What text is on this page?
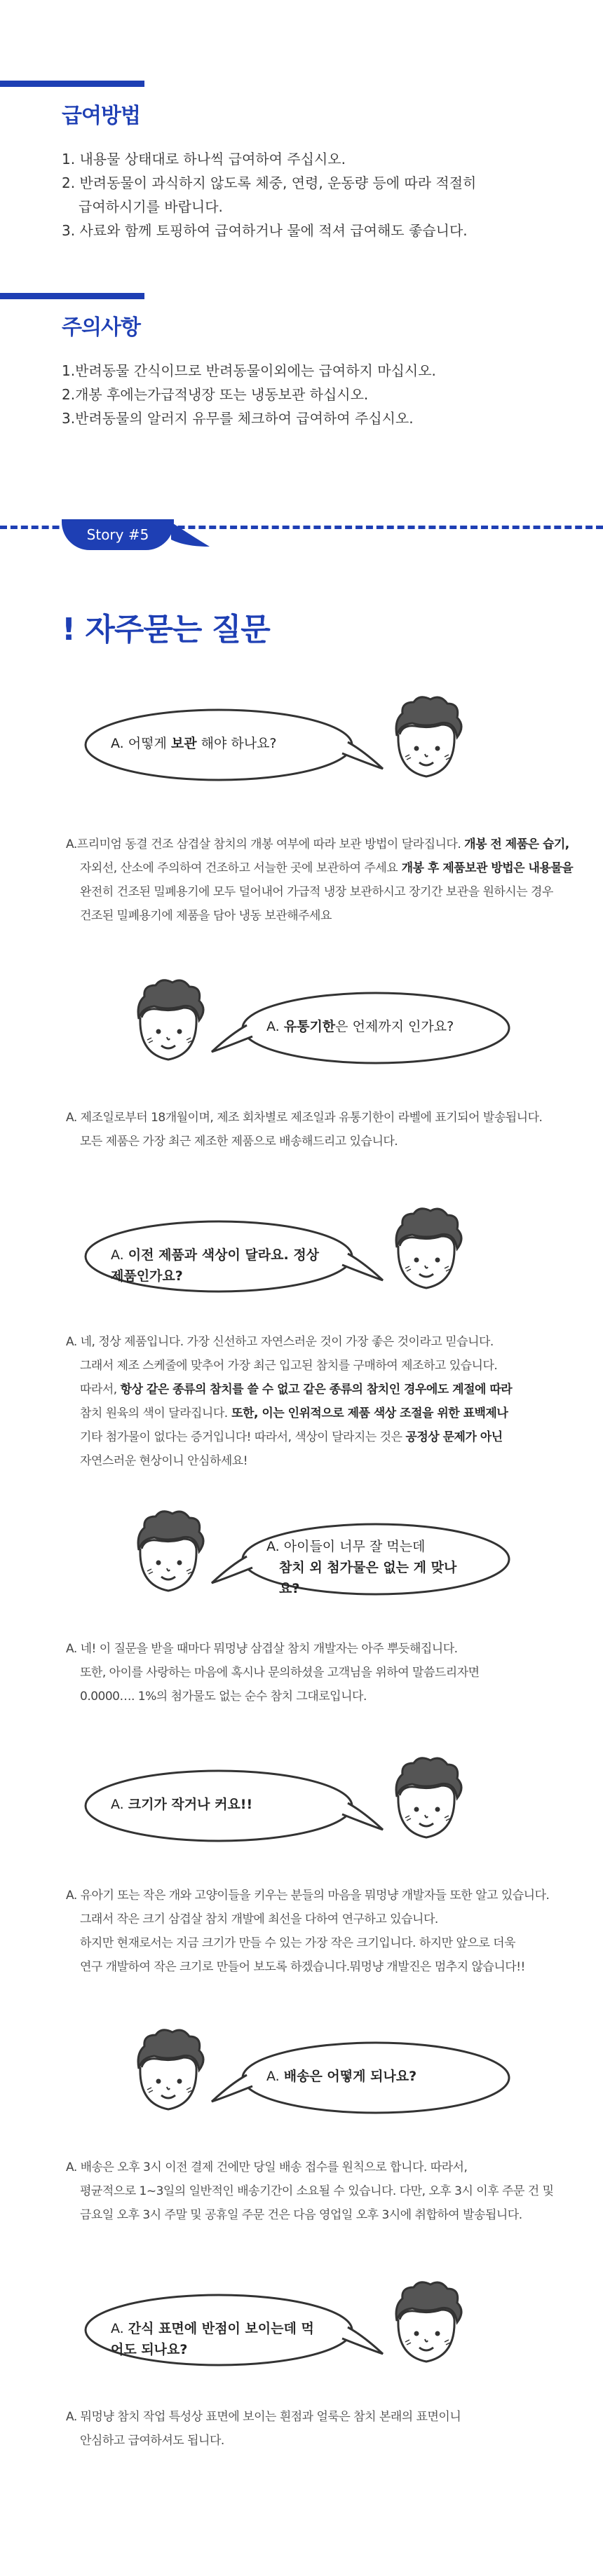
급여방법
1. 내용물 상태대로 하나씩 급여하여 주십시오.
2. 반려동물이 과식하지 않도록 체중, 연령, 운동량 등에 따라 적절히
급여하시기를 바랍니다.
3. 사료와 함께 토핑하여 급여하거나 물에 적셔 급여해도 좋습니다.
주의사항
1.반려동물 간식이므로 반려동물이외에는 급여하지 마십시오.
2.개봉 후에는가급적냉장 또는 냉동보관 하십시오.
3.반려동물의 알러지 유무를 체크하여 급여하여 주십시오.
Story #5
! 자주묻는 질문
A. 어떻게 보관 해야 하나요?
A.프리미엄 동결 건조 삼겹살 참치의 개봉 여부에 따라 보관 방법이 달라집니다. 개봉 전 제품은 습기,
자외선, 산소에 주의하여 건조하고 서늘한 곳에 보관하여 주세요 개봉 후 제품보관 방법은 내용물을
완전히 건조된 밀폐용기에 모두 덜어내어 가급적 냉장 보관하시고 장기간 보관을 원하시는 경우
건조된 밀폐용기에 제품을 담아 냉동 보관해주세요
A. 유통기한은 언제까지 인가요?
A. 제조일로부터 18개월이며, 제조 회차별로 제조일과 유통기한이 라벨에 표기되어 발송됩니다.
모든 제품은 가장 최근 제조한 제품으로 배송해드리고 있습니다.
A. 이전 제품과 색상이 달라요. 정상 제품인가요?
A. 네, 정상 제품입니다. 가장 신선하고 자연스러운 것이 가장 좋은 것이라고 믿습니다.
그래서 제조 스케줄에 맞추어 가장 최근 입고된 참치를 구매하여 제조하고 있습니다.
따라서, 항상 같은 종류의 참치를 쓸 수 없고 같은 종류의 참치인 경우에도 계절에 따라
참치 원육의 색이 달라집니다. 또한, 이는 인위적으로 제품 색상 조절을 위한 표백제나
기타 첨가물이 없다는 증거입니다! 따라서, 색상이 달라지는 것은 공정상 문제가 아닌
자연스러운 현상이니 안심하세요!
A. 아이들이 너무 잘 먹는데
참치 외 첨가물은 없는 게 맞나요?
A. 네! 이 질문을 받을 때마다 뭐멍냥 삼겹살 참치 개발자는 아주 뿌듯해집니다.
또한, 아이를 사랑하는 마음에 혹시나 문의하셨을 고객님을 위하여 말씀드리자면
0.0000…. 1%의 첨가물도 없는 순수 참치 그대로입니다.
A. 크기가 작거나 커요!!
A. 유아기 또는 작은 개와 고양이들을 키우는 분들의 마음을 뭐멍냥 개발자들 또한 알고 있습니다.
그래서 작은 크기 삼겹살 참치 개발에 최선을 다하여 연구하고 있습니다.
하지만 현재로서는 지금 크기가 만들 수 있는 가장 작은 크기입니다. 하지만 앞으로 더욱
연구 개발하여 작은 크기로 만들어 보도록 하겠습니다.뭐멍냥 개발진은 멈추지 않습니다!!
A. 배송은 어떻게 되나요?
A. 배송은 오후 3시 이전 결제 건에만 당일 배송 접수를 원칙으로 합니다. 따라서,
평균적으로 1~3일의 일반적인 배송기간이 소요될 수 있습니다. 다만, 오후 3시 이후 주문 건 및
금요일 오후 3시 주말 및 공휴일 주문 건은 다음 영업일 오후 3시에 취합하여 발송됩니다.
A. 간식 표면에 반점이 보이는데 먹어도 되나요?
A. 뭐멍냥 참치 작업 특성상 표면에 보이는 흰점과 얼룩은 참치 본래의 표면이니
안심하고 급여하셔도 됩니다.
